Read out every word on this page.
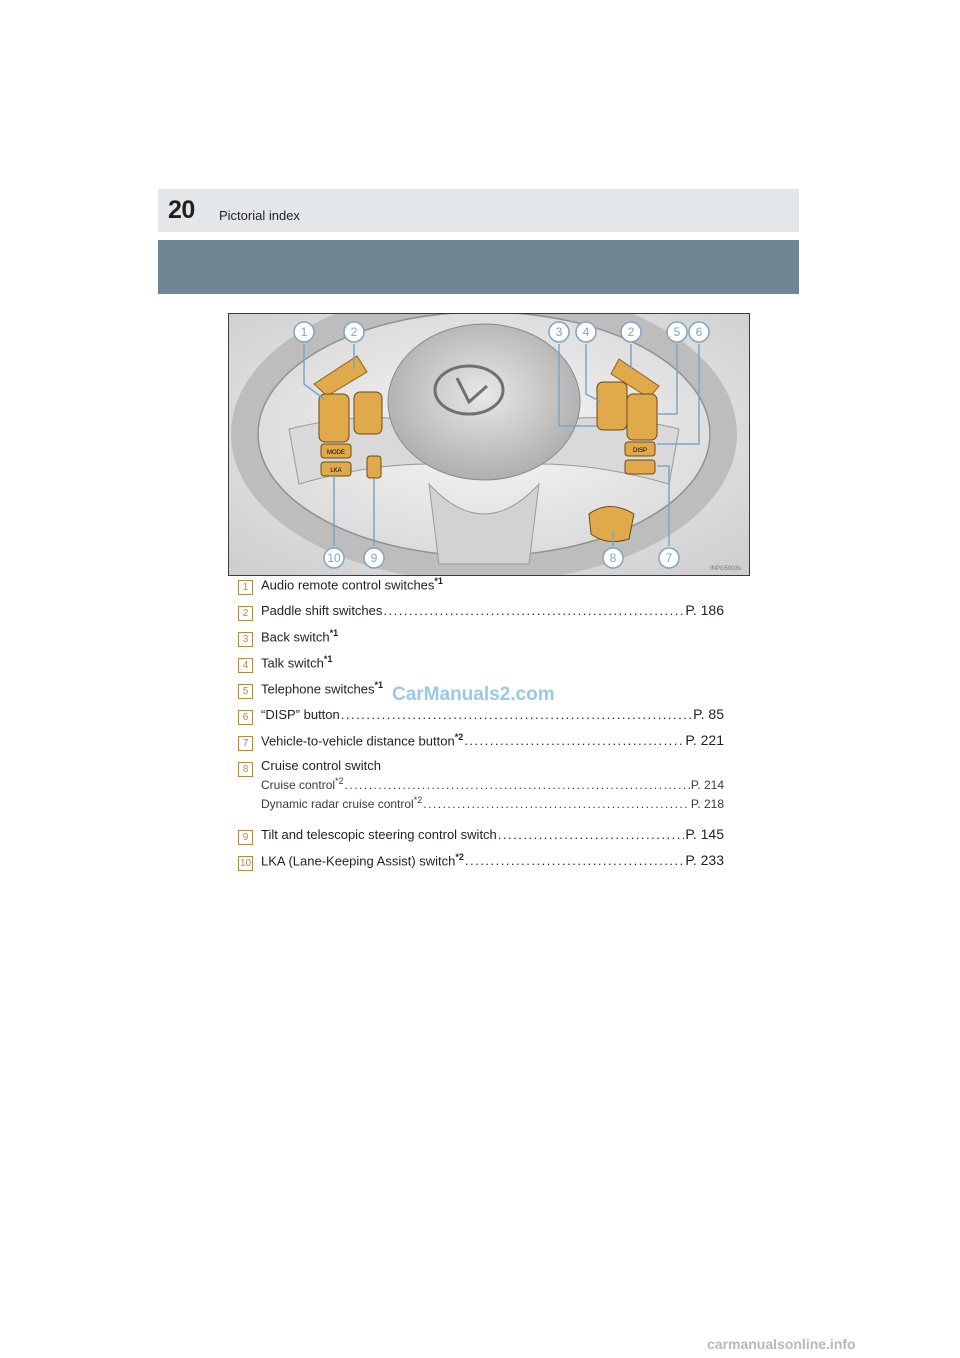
20 Pictorial index
MODE
LKA
DISP
1	2	3 4	2	5 6
10 9	8	7
INPG5003s
1 Audio remote control switches$^{*1}$
2 Paddle shift switches .....	P. 186
3 Back switch$^{*1}$
4 Talk switch$^{*1}$
5 Telephone switches$^{*1}$
6 “DISP” button .....	P. 85
7 Vehicle-to-vehicle distance button$^{*2}$ .....	P. 221
8 Cruise control switch
Cruise control$^{*2}$ .....	P. 214
Dynamic radar cruise control$^{*2}$ .....	P. 218
9 Tilt and telescopic steering control switch .....	P. 145
10 LKA (Lane-Keeping Assist) switch$^{*2}$ .....	P. 233
CarManuals2.com
carmanualsonline.info
